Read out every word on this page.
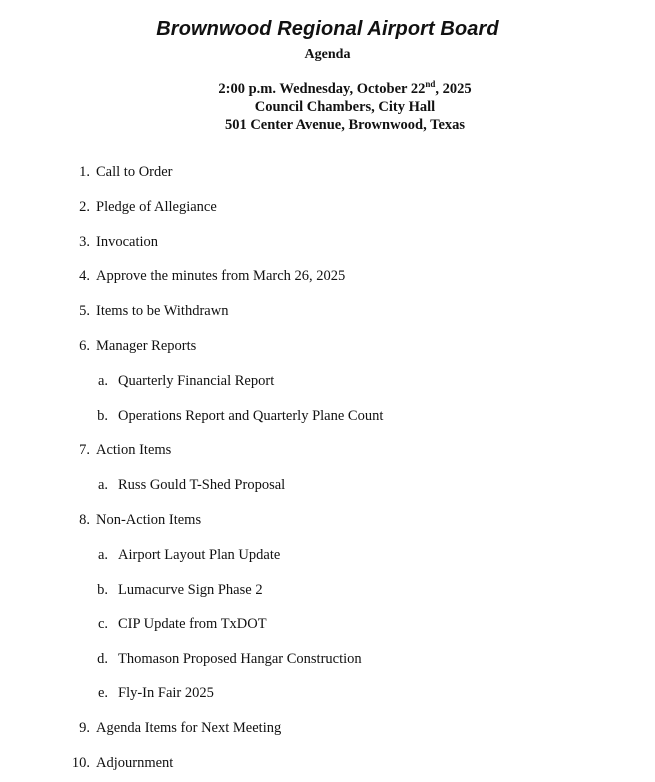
Brownwood Regional Airport Board
Agenda
2:00 p.m. Wednesday, October 22nd, 2025
Council Chambers, City Hall
501 Center Avenue, Brownwood, Texas
1. Call to Order
2. Pledge of Allegiance
3. Invocation
4. Approve the minutes from March 26, 2025
5. Items to be Withdrawn
6. Manager Reports
a. Quarterly Financial Report
b. Operations Report and Quarterly Plane Count
7. Action Items
a. Russ Gould T-Shed Proposal
8. Non-Action Items
a. Airport Layout Plan Update
b. Lumacurve Sign Phase 2
c. CIP Update from TxDOT
d. Thomason Proposed Hangar Construction
e. Fly-In Fair 2025
9. Agenda Items for Next Meeting
10. Adjournment
